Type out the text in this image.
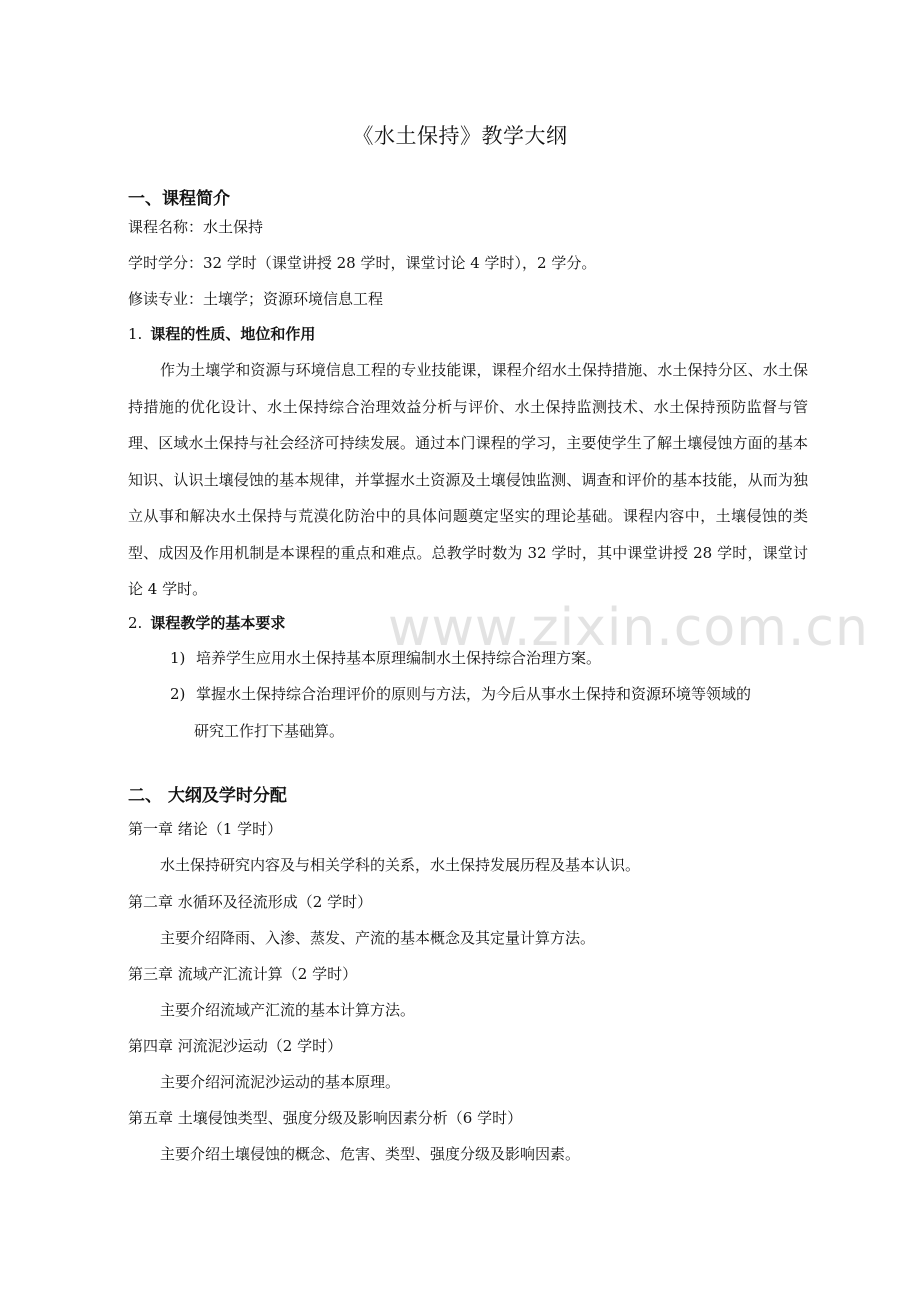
www.zixin.com.cn
《水土保持》教学大纲
一、课程简介
课程名称：水土保持
学时学分：32 学时（课堂讲授 28 学时，课堂讨论 4 学时），2 学分。
修读专业：土壤学；资源环境信息工程
1. 课程的性质、地位和作用
作为土壤学和资源与环境信息工程的专业技能课，课程介绍水土保持措施、水土保持分区、水土保持措施的优化设计、水土保持综合治理效益分析与评价、水土保持监测技术、水土保持预防监督与管理、区域水土保持与社会经济可持续发展。通过本门课程的学习，主要使学生了解土壤侵蚀方面的基本知识、认识土壤侵蚀的基本规律，并掌握水土资源及土壤侵蚀监测、调查和评价的基本技能，从而为独立从事和解决水土保持与荒漠化防治中的具体问题奠定坚实的理论基础。课程内容中，土壤侵蚀的类型、成因及作用机制是本课程的重点和难点。总教学时数为 32 学时，其中课堂讲授 28 学时，课堂讨论 4 学时。
2. 课程教学的基本要求
1) 培养学生应用水土保持基本原理编制水土保持综合治理方案。
2) 掌握水土保持综合治理评价的原则与方法，为今后从事水土保持和资源环境等领域的
研究工作打下基础算。
二、 大纲及学时分配
第一章 绪论（1 学时）
水土保持研究内容及与相关学科的关系，水土保持发展历程及基本认识。
第二章 水循环及径流形成（2 学时）
主要介绍降雨、入渗、蒸发、产流的基本概念及其定量计算方法。
第三章 流域产汇流计算（2 学时）
主要介绍流域产汇流的基本计算方法。
第四章 河流泥沙运动（2 学时）
主要介绍河流泥沙运动的基本原理。
第五章 土壤侵蚀类型、强度分级及影响因素分析（6 学时）
主要介绍土壤侵蚀的概念、危害、类型、强度分级及影响因素。
